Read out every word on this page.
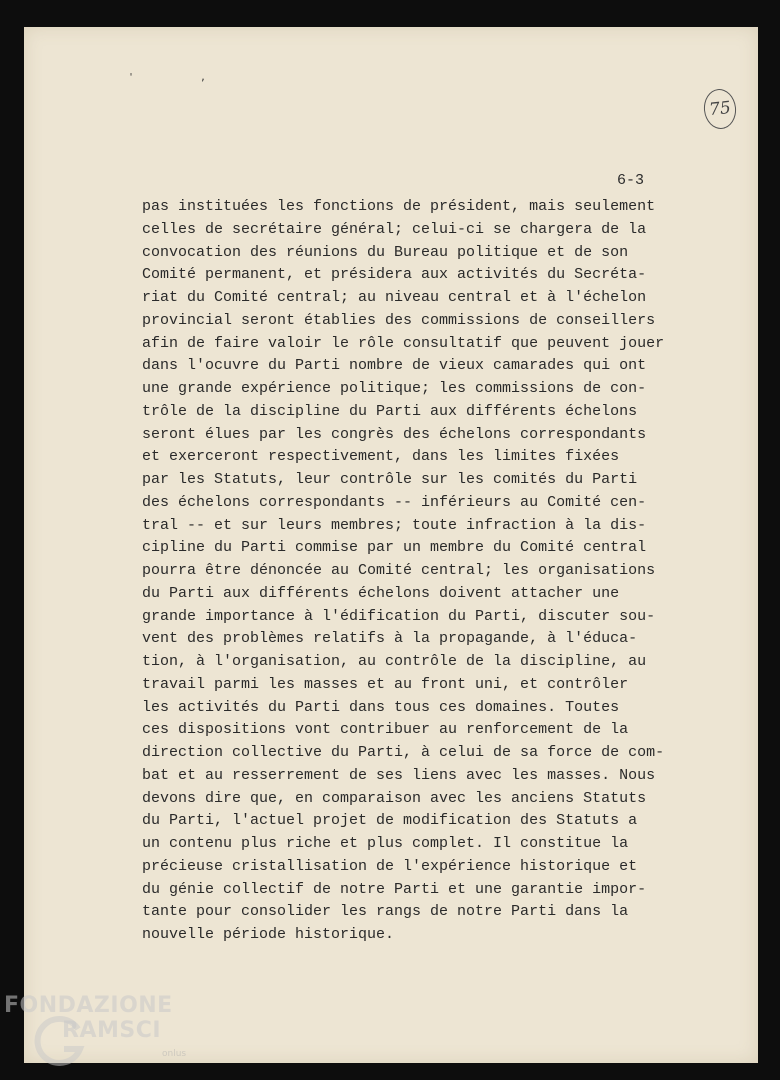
' ,
75
6-3
pas instituées les fonctions de président, mais seulement
celles de secrétaire général; celui-ci se chargera de la
convocation des réunions du Bureau politique et de son
Comité permanent, et présidera aux activités du Secréta-
riat du Comité central; au niveau central et à l'échelon
provincial seront établies des commissions de conseillers
afin de faire valoir le rôle consultatif que peuvent jouer
dans l'ocuvre du Parti nombre de vieux camarades qui ont
une grande expérience politique; les commissions de con-
trôle de la discipline du Parti aux différents échelons
seront élues par les congrès des échelons correspondants
et exerceront respectivement, dans les limites fixées
par les Statuts, leur contrôle sur les comités du Parti
des échelons correspondants -- inférieurs au Comité cen-
tral -- et sur leurs membres; toute infraction à la dis-
cipline du Parti commise par un membre du Comité central
pourra être dénoncée au Comité central; les organisations
du Parti aux différents échelons doivent attacher une
grande importance à l'édification du Parti, discuter sou-
vent des problèmes relatifs à la propagande, à l'éduca-
tion, à l'organisation, au contrôle de la discipline, au
travail parmi les masses et au front uni, et contrôler
les activités du Parti dans tous ces domaines. Toutes
ces dispositions vont contribuer au renforcement de la
direction collective du Parti, à celui de sa force de com-
bat et au resserrement de ses liens avec les masses. Nous
devons dire que, en comparaison avec les anciens Statuts
du Parti, l'actuel projet de modification des Statuts a
un contenu plus riche et plus complet. Il constitue la
précieuse cristallisation de l'expérience historique et
du génie collectif de notre Parti et une garantie impor-
tante pour consolider les rangs de notre Parti dans la
nouvelle période historique.
FONDAZIONE
RAMSCI
onlus
